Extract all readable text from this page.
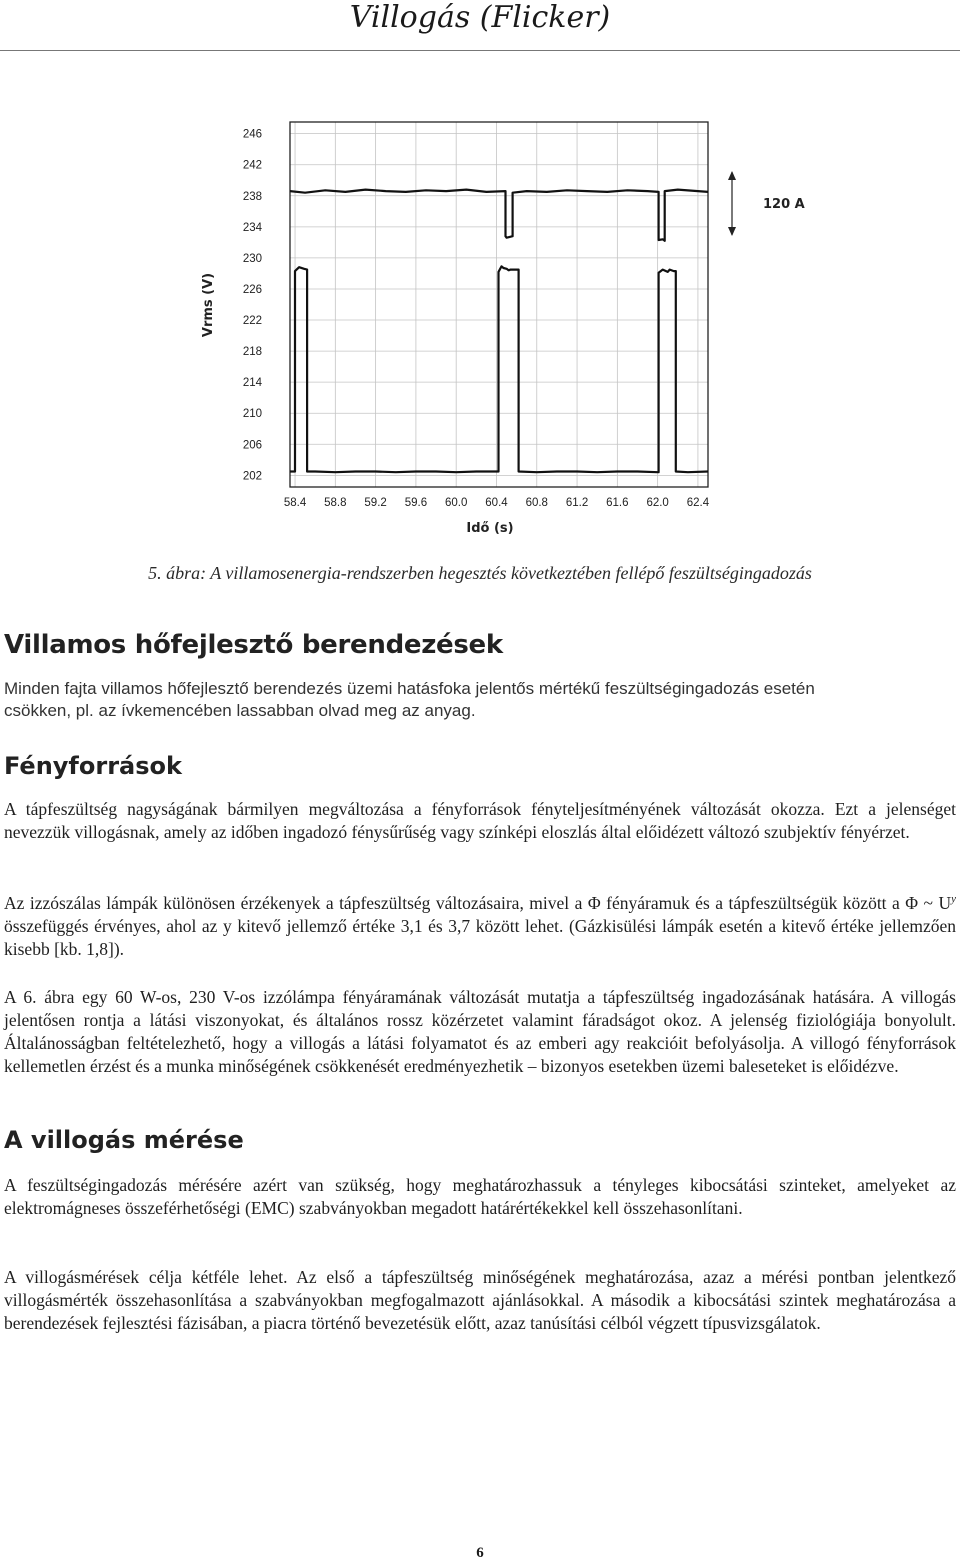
Villogás (Flicker)
246
242
238
234
230
226
222
218
214
210
206
202
58.4 58.8 59.2 59.6 60.0 60.4 60.8 61.2 61.6 62.0 62.4
Vrms (V)
Idő (s)
120 A
5. ábra: A villamosenergia-rendszerben hegesztés következtében fellépő feszültségingadozás
Villamos hőfejlesztő berendezések
Minden fajta villamos hőfejlesztő berendezés üzemi hatásfoka jelentős mértékű feszültségingadozás esetén
csökken, pl. az ívkemencében lassabban olvad meg az anyag.
Fényforrások

A tápfeszültség nagyságának bármilyen megváltozása a fényforrások fényteljesítményének változását okozza. Ezt a jelenséget nevezzük villogásnak, amely az időben ingadozó fénysűrűség vagy színképi eloszlás által előidézett változó szubjektív fényérzet.

Az izzószálas lámpák különösen érzékenyek a tápfeszültség változásaira, mivel a Φ fényáramuk és a tápfeszültségük között a Φ ~ $U^y$ összefüggés érvényes, ahol az y kitevő jellemző értéke 3,1 és 3,7 között lehet. (Gázkisülési lámpák esetén a kitevő értéke jellemzően kisebb [kb. 1,8]).

A 6. ábra egy 60 W-os, 230 V-os izzólámpa fényáramának változását mutatja a tápfeszültség ingadozásának hatására. A villogás jelentősen rontja a látási viszonyokat, és általános rossz közérzetet valamint fáradságot okoz. A jelenség fiziológiája bonyolult. Általánosságban feltételezhető, hogy a villogás a látási folyamatot és az emberi agy reakcióit befolyásolja. A villogó fényforrások kellemetlen érzést és a munka minőségének csökkenését eredményezhetik – bizonyos esetekben üzemi baleseteket is előidézve.

A villogás mérése

A feszültségingadozás mérésére azért van szükség, hogy meghatározhassuk a tényleges kibocsátási szinteket, amelyeket az elektromágneses összeférhetőségi (EMC) szabványokban megadott határértékekkel kell összehasonlítani.

A villogásmérések célja kétféle lehet. Az első a tápfeszültség minőségének meghatározása, azaz a mérési pontban jelentkező villogásmérték összehasonlítása a szabványokban megfogalmazott ajánlásokkal. A második a kibocsátási szintek meghatározása a berendezések fejlesztési fázisában, a piacra történő bevezetésük előtt, azaz tanúsítási célból végzett típusvizsgálatok.

6
